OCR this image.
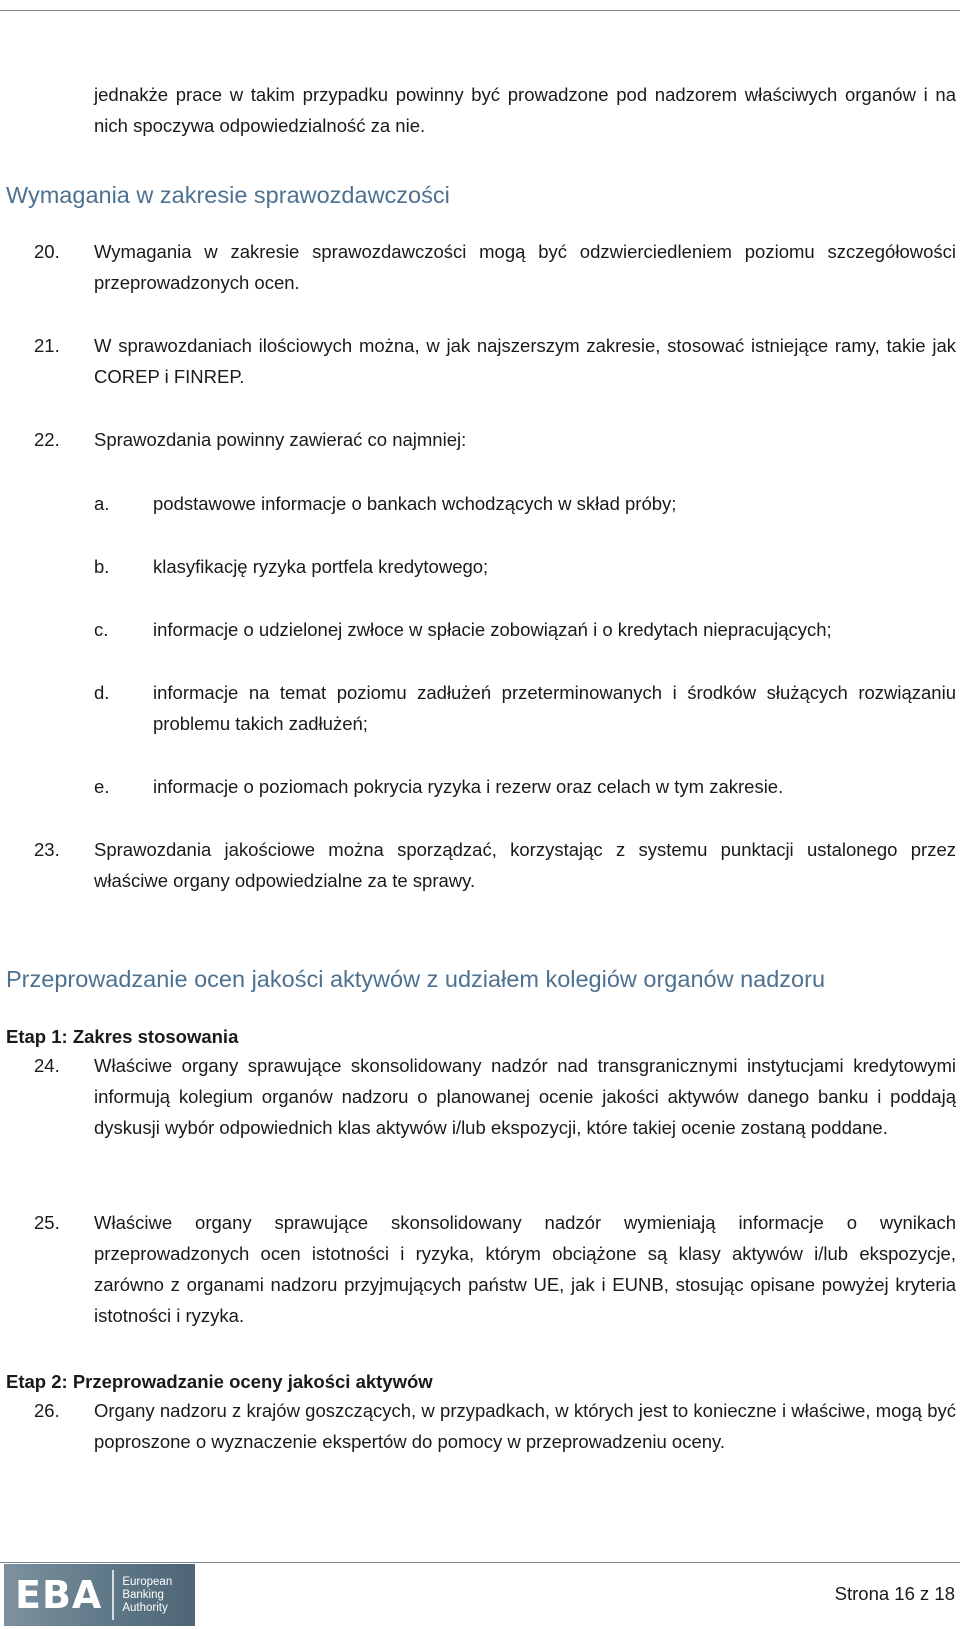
jednakże prace w takim przypadku powinny być prowadzone pod nadzorem właściwych organów i na nich spoczywa odpowiedzialność za nie.

Wymagania w zakresie sprawozdawczości
20. Wymagania w zakresie sprawozdawczości mogą być odzwierciedleniem poziomu szczegółowości przeprowadzonych ocen.

21. W sprawozdaniach ilościowych można, w jak najszerszym zakresie, stosować istniejące ramy, takie jak COREP i FINREP.

22. Sprawozdania powinny zawierać co najmniej:

a. podstawowe informacje o bankach wchodzących w skład próby;

b. klasyfikację ryzyka portfela kredytowego;

c. informacje o udzielonej zwłoce w spłacie zobowiązań i o kredytach niepracujących;

d. informacje na temat poziomu zadłużeń przeterminowanych i środków służących rozwiązaniu problemu takich zadłużeń;

e. informacje o poziomach pokrycia ryzyka i rezerw oraz celach w tym zakresie.

23. Sprawozdania jakościowe można sporządzać, korzystając z systemu punktacji ustalonego przez właściwe organy odpowiedzialne za te sprawy.

Przeprowadzanie ocen jakości aktywów z udziałem kolegiów organów nadzoru
Etap 1: Zakres stosowania
24. Właściwe organy sprawujące skonsolidowany nadzór nad transgranicznymi instytucjami kredytowymi informują kolegium organów nadzoru o planowanej ocenie jakości aktywów danego banku i poddają dyskusji wybór odpowiednich klas aktywów i/lub ekspozycji, które takiej ocenie zostaną poddane.

25. Właściwe organy sprawujące skonsolidowany nadzór wymieniają informacje o wynikach przeprowadzonych ocen istotności i ryzyka, którym obciążone są klasy aktywów i/lub ekspozycje, zarówno z organami nadzoru przyjmujących państw UE, jak i EUNB, stosując opisane powyżej kryteria istotności i ryzyka.

Etap 2: Przeprowadzanie oceny jakości aktywów
26. Organy nadzoru z krajów goszczących, w przypadkach, w których jest to konieczne i właściwe, mogą być poproszone o wyznaczenie ekspertów do pomocy w przeprowadzeniu oceny.

EBA European
Banking
Authority
Strona 16 z 18
